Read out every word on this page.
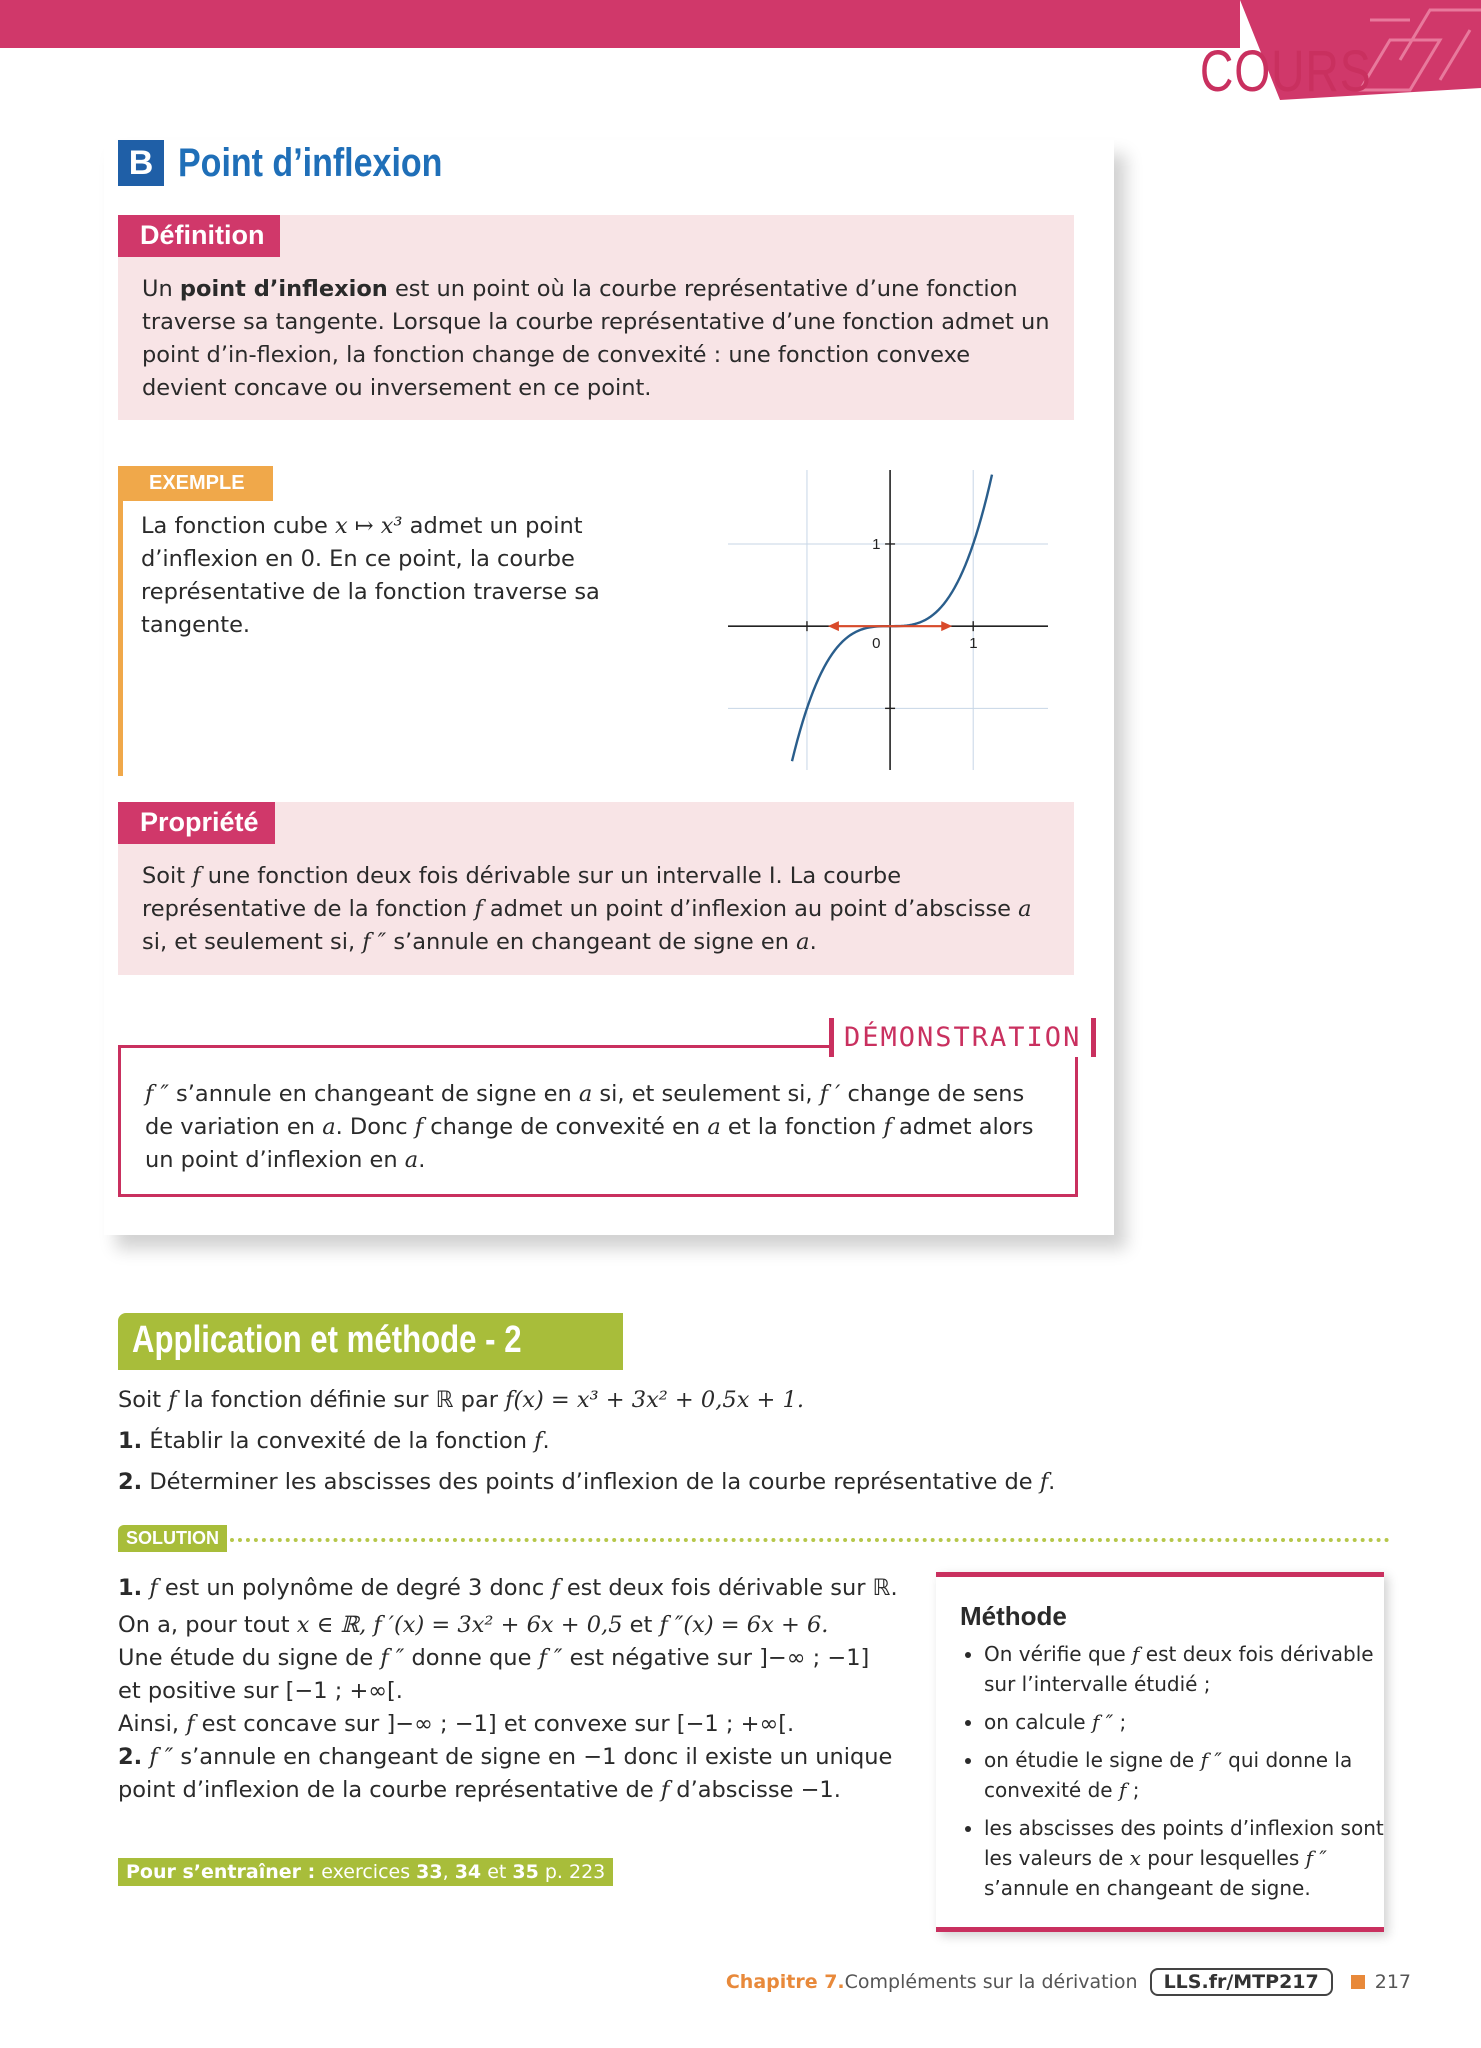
COURS
B Point d’inflexion
Définition
Un point d’inflexion est un point où la courbe représentative d’une fonction traverse sa tangente. Lorsque la courbe représentative d’une fonction admet un point d’in-flexion, la fonction change de convexité : une fonction convexe devient concave ou inversement en ce point.
EXEMPLE
La fonction cube x ↦ x³ admet un point d’inflexion en 0. En ce point, la courbe représentative de la fonction traverse sa tangente.
0	1
1
Propriété
Soit f une fonction deux fois dérivable sur un intervalle I. La courbe représentative de la fonction f admet un point d’inflexion au point d’abscisse a si, et seulement si, f ″ s’annule en changeant de signe en a.
DÉMONSTRATION
f ″ s’annule en changeant de signe en a si, et seulement si, f ′ change de sens de variation en a. Donc f change de convexité en a et la fonction f admet alors un point d’inflexion en a.
Application et méthode - 2
Soit f la fonction définie sur ℝ par f(x) = x³ + 3x² + 0,5x + 1.
1. Établir la convexité de la fonction f.
2. Déterminer les abscisses des points d’inflexion de la courbe représentative de f.
SOLUTION
1. f est un polynôme de degré 3 donc f est deux fois dérivable sur ℝ.
On a, pour tout x ∈ ℝ, f ′(x) = 3x² + 6x + 0,5 et f ″(x) = 6x + 6.
Une étude du signe de f ″ donne que f ″ est négative sur ]−∞ ; −1] et positive sur [−1 ; +∞[.
Ainsi, f est concave sur ]−∞ ; −1] et convexe sur [−1 ; +∞[.
2. f ″ s’annule en changeant de signe en −1 donc il existe un unique point d’inflexion de la courbe représentative de f d’abscisse −1.
Méthode
• On vérifie que f est deux fois dérivable sur l’intervalle étudié ;
• on calcule f ″ ;
• on étudie le signe de f ″ qui donne la convexité de f ;
• les abscisses des points d’inflexion sont les valeurs de x pour lesquelles f ″ s’annule en changeant de signe.
Pour s’entraîner : exercices 33, 34 et 35 p. 223
Chapitre 7. Compléments sur la dérivation	LLS.fr/MTP217	217
